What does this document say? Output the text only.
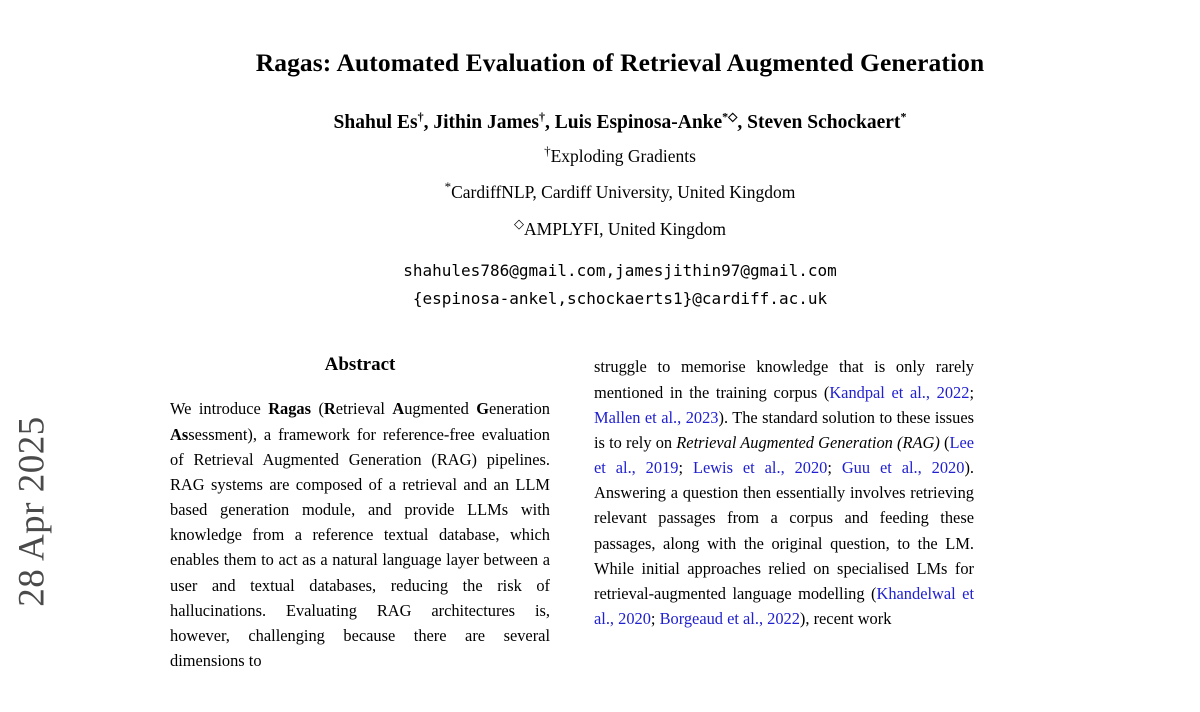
28 Apr 2025
Ragas: Automated Evaluation of Retrieval Augmented Generation
Shahul Es†, Jithin James†, Luis Espinosa-Anke*◇, Steven Schockaert*
†Exploding Gradients
*CardiffNLP, Cardiff University, United Kingdom
◇AMPLYFI, United Kingdom
shahules786@gmail.com,jamesjithin97@gmail.com
{espinosa-ankel,schockaerts1}@cardiff.ac.uk
Abstract
We introduce Ragas (Retrieval Augmented Generation Assessment), a framework for reference-free evaluation of Retrieval Augmented Generation (RAG) pipelines. RAG systems are composed of a retrieval and an LLM based generation module, and provide LLMs with knowledge from a reference textual database, which enables them to act as a natural language layer between a user and textual databases, reducing the risk of hallucinations. Evaluating RAG architectures is, however, challenging because there are several dimensions to
struggle to memorise knowledge that is only rarely mentioned in the training corpus (Kandpal et al., 2022; Mallen et al., 2023). The standard solution to these issues is to rely on Retrieval Augmented Generation (RAG) (Lee et al., 2019; Lewis et al., 2020; Guu et al., 2020). Answering a question then essentially involves retrieving relevant passages from a corpus and feeding these passages, along with the original question, to the LM. While initial approaches relied on specialised LMs for retrieval-augmented language modelling (Khandelwal et al., 2020; Borgeaud et al., 2022), recent work
